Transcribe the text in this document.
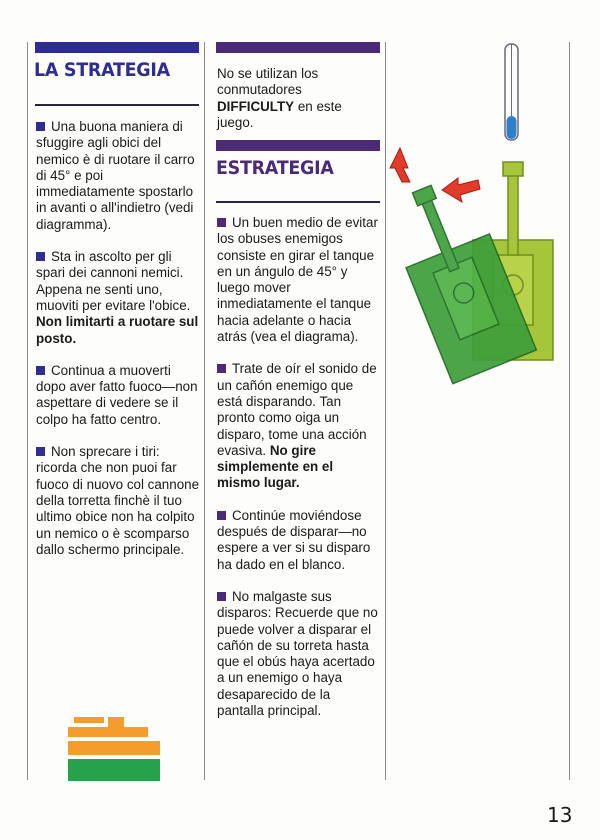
LA STRATEGIA

Una buona maniera di sfuggire agli obici del nemico è di ruotare il carro di 45° e poi immediatamente spostarlo in avanti o all'indietro (vedi diagramma).

Sta in ascolto per gli spari dei cannoni nemici. Appena ne senti uno, muoviti per evitare l'obice. Non limitarti a ruotare sul posto.

Continua a muoverti dopo aver fatto fuoco—non aspettare di vedere se il colpo ha fatto centro.

Non sprecare i tiri: ricorda che non puoi far fuoco di nuovo col cannone della torretta finchè il tuo ultimo obice non ha colpito un nemico o è scomparso dallo schermo principale.

No se utilizan los conmutadores DIFFICULTY en este juego.
ESTRATEGIA

Un buen medio de evitar los obuses enemigos consiste en girar el tanque en un ángulo de 45° y luego mover inmediatamente el tanque hacia adelante o hacia atrás (vea el diagrama).

Trate de oír el sonido de un cañón enemigo que está disparando. Tan pronto como oiga un disparo, tome una acción evasiva. No gire simplemente en el mismo lugar.

Continúe moviéndose después de disparar—no espere a ver si su disparo ha dado en el blanco.

No malgaste sus disparos: Recuerde que no puede volver a disparar el cañón de su torreta hasta que el obús haya acertado a un enemigo o haya desaparecido de la pantalla principal.

13
